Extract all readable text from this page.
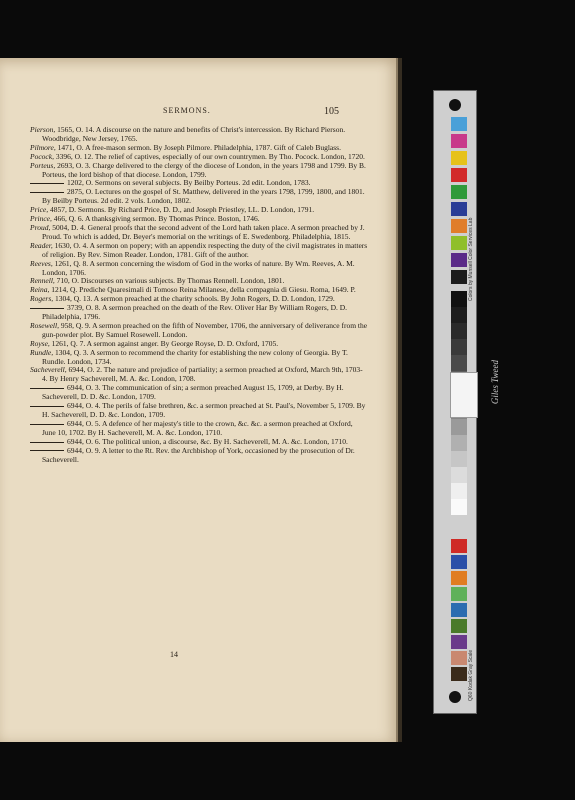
SERMONS.	105

Pierson, 1565, O. 14. A discourse on the nature and benefits of Christ's intercession. By Richard Pierson. Woodbridge, New Jersey, 1765.

Pilmore, 1471, O. A free-mason sermon. By Joseph Pilmore. Philadelphia, 1787. Gift of Caleb Buglass.

Pocock, 3396, O. 12. The relief of captives, especially of our own countrymen. By Tho. Pocock. London, 1720.

Porteus, 2693, O. 3. Charge delivered to the clergy of the diocese of London, in the years 1798 and 1799. By B. Porteus, the lord bishop of that diocese. London, 1799.

1202, O. Sermons on several subjects. By Beilby Porteus. 2d edit. London, 1783.

2875, O. Lectures on the gospel of St. Matthew, delivered in the years 1798, 1799, 1800, and 1801. By Beilby Porteus. 2d edit. 2 vols. London, 1802.

Price, 4857, D. Sermons. By Richard Price, D. D., and Joseph Priestley, LL. D. London, 1791.

Prince, 466, Q. 6. A thanksgiving sermon. By Thomas Prince. Boston, 1746.

Proud, 5004, D. 4. General proofs that the second advent of the Lord hath taken place. A sermon preached by J. Proud. To which is added, Dr. Beyer's memorial on the writings of E. Swedenborg. Philadelphia, 1815.

Reader, 1630, O. 4. A sermon on popery; with an appendix respecting the duty of the civil magistrates in matters of religion. By Rev. Simon Reader. London, 1781. Gift of the author.

Reeves, 1261, Q. 8. A sermon concerning the wisdom of God in the works of nature. By Wm. Reeves, A. M. London, 1706.

Rennell, 710, O. Discourses on various subjects. By Thomas Rennell. London, 1801.

Reina, 1214, Q. Prediche Quaresimali di Tomoso Reina Milanese, della compagnia di Giesu. Roma, 1649. P.

Rogers, 1304, Q. 13. A sermon preached at the charity schools. By John Rogers, D. D. London, 1729.

3739, O. 8. A sermon preached on the death of the Rev. Oliver Har By William Rogers, D. D. Philadelphia, 1796.

Rosewell, 958, Q. 9. A sermon preached on the fifth of November, 1706, the anniversary of deliverance from the gun-powder plot. By Samuel Rosewell. London.

Royse, 1261, Q. 7. A sermon against anger. By George Royse, D. D. Oxford, 1705.

Rundle, 1304, Q. 3. A sermon to recommend the charity for establishing the new colony of Georgia. By T. Rundle. London, 1734.

Sacheverell, 6944, O. 2. The nature and prejudice of partiality; a sermon preached at Oxford, March 9th, 1703-4. By Henry Sacheverell, M. A. &c. London, 1708.

6944, O. 3. The communication of sin; a sermon preached August 15, 1709, at Derby. By H. Sacheverell, D. D. &c. London, 1709.

6944, O. 4. The perils of false brethren, &c. a sermon preached at St. Paul's, November 5, 1709. By H. Sacheverell, D. D. &c. London, 1709.

6944, O. 5. A defence of her majesty's title to the crown, &c. &c. a sermon preached at Oxford, June 10, 1702. By H. Sacheverell, M. A. &c. London, 1710.

6944, O. 6. The political union, a discourse, &c. By H. Sacheverell, M. A. &c. London, 1710.

6944, O. 9. A letter to the Rt. Rev. the Archbishop of York, occasioned by the prosecution of Dr. Sacheverell.

14
Colors by Munsell Color Services Lab
Q60 Kodak Gray Scale
Giles Tweed
